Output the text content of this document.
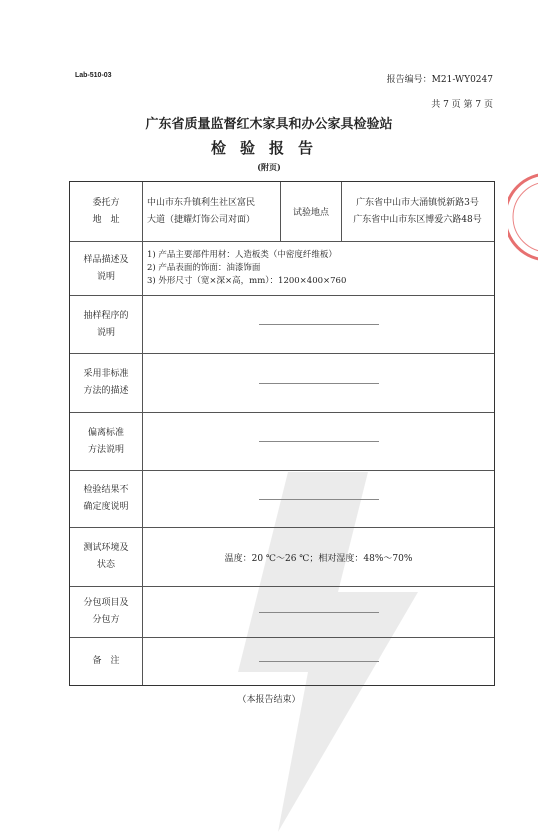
Lab-510-03	报告编号：M21-WY0247
共 7 页 第 7 页
广东省质量监督红木家具和办公家具检验站
检验报告
(附页)
委托方
地　址
中山市东升镇利生社区富民
大道（捷耀灯饰公司对面）
试验地点
广东省中山市大涌镇悦新路3号
广东省中山市东区博爱六路48号
样品描述及
说明
1) 产品主要部件用材：人造板类（中密度纤维板）
2) 产品表面的饰面：油漆饰面
3) 外形尺寸（宽×深×高，mm）：1200×400×760
抽样程序的
说明
采用非标准
方法的描述
偏离标准
方法说明
检验结果不
确定度说明
测试环境及
状态
温度：20 ℃～26 ℃；相对湿度：48%～70%
分包项目及
分包方
备　注
（本报告结束）
